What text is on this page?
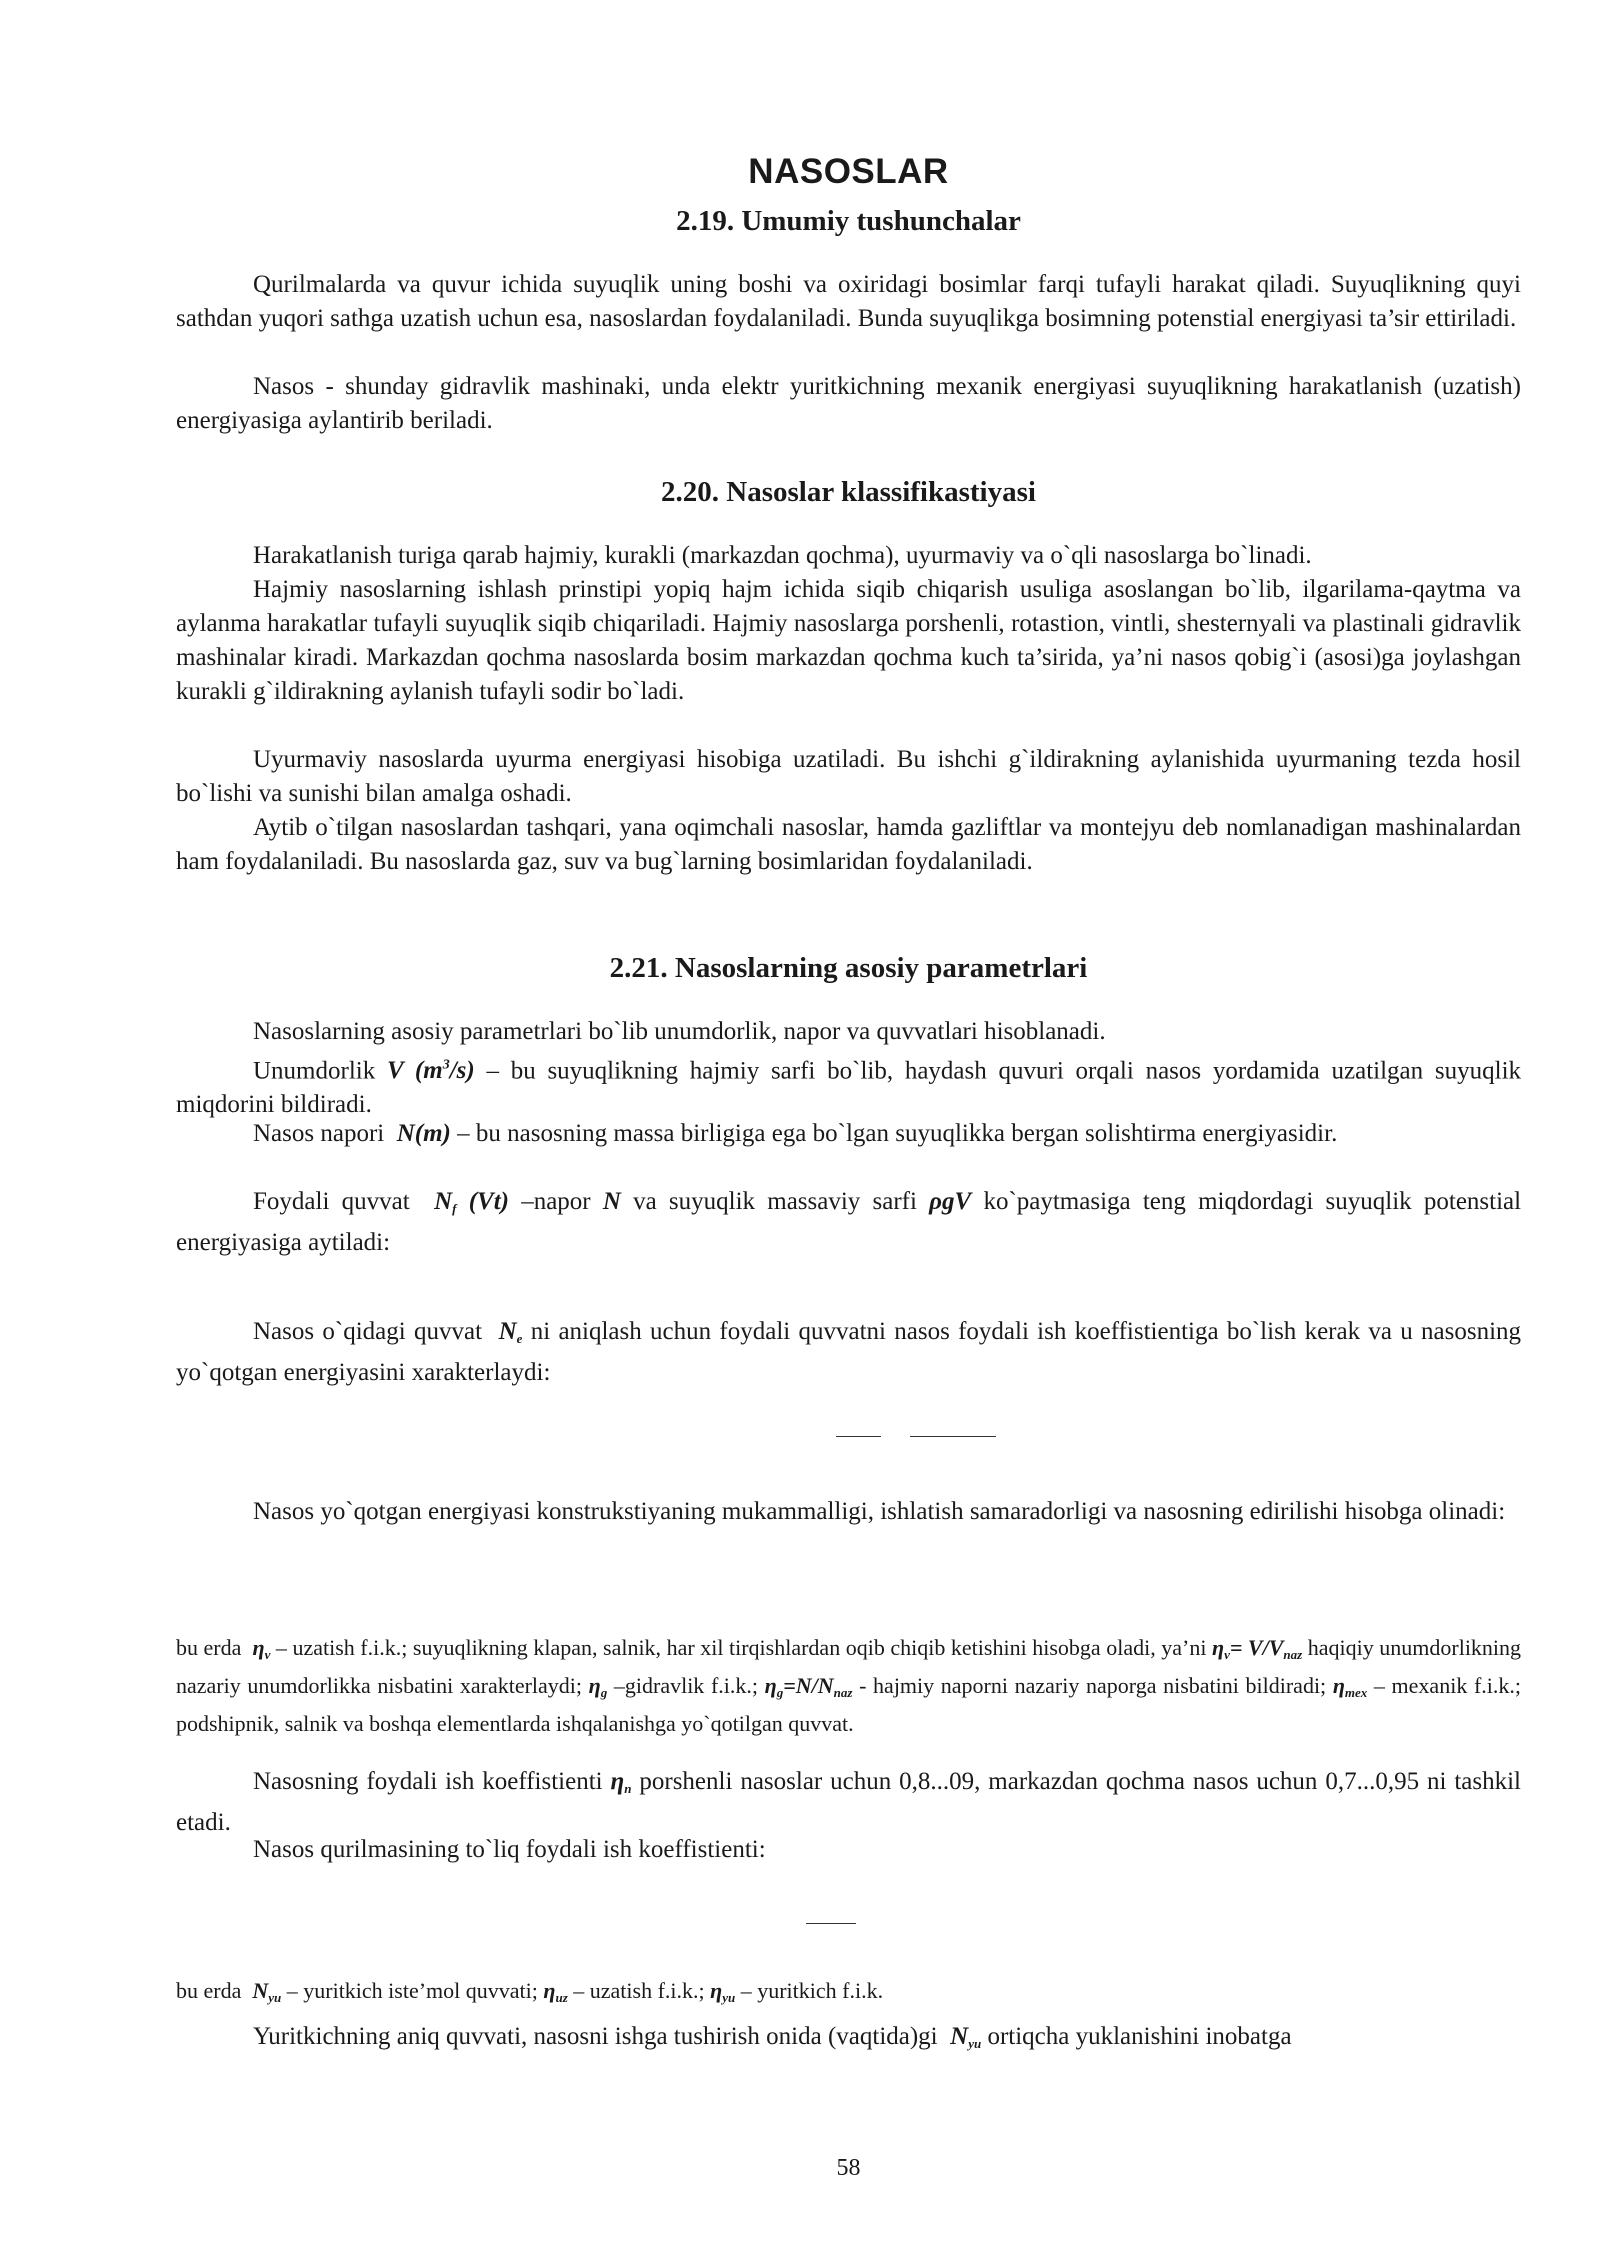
NASOSLAR
2.19. Umumiy tushunchalar
Qurilmalarda va quvur ichida suyuqlik uning boshi va oxiridagi bosimlar farqi tufayli harakat qiladi. Suyuqlikning quyi sathdan yuqori sathga uzatish uchun esa, nasoslardan foydalaniladi. Bunda suyuqlikga bosimning potenstial energiyasi ta’sir ettiriladi.
Nasos - shunday gidravlik mashinaki, unda elektr yuritkichning mexanik energiyasi suyuqlikning harakatlanish (uzatish) energiyasiga aylantirib beriladi.
2.20. Nasoslar klassifikastiyasi
Harakatlanish turiga qarab hajmiy, kurakli (markazdan qochma), uyurmaviy va o`qli nasoslarga bo`linadi.
Hajmiy nasoslarning ishlash prinstipi yopiq hajm ichida siqib chiqarish usuliga asoslangan bo`lib, ilgarilama-qaytma va aylanma harakatlar tufayli suyuqlik siqib chiqariladi. Hajmiy nasoslarga porshenli, rotastion, vintli, shesternyali va plastinali gidravlik mashinalar kiradi. Markazdan qochma nasoslarda bosim markazdan qochma kuch ta’sirida, ya’ni nasos qobig`i (asosi)ga joylashgan kurakli g`ildirakning aylanish tufayli sodir bo`ladi.
Uyurmaviy nasoslarda uyurma energiyasi hisobiga uzatiladi. Bu ishchi g`ildirakning aylanishida uyurmaning tezda hosil bo`lishi va sunishi bilan amalga oshadi.
Aytib o`tilgan nasoslardan tashqari, yana oqimchali nasoslar, hamda gazliftlar va montejyu deb nomlanadigan mashinalardan ham foydalaniladi. Bu nasoslarda gaz, suv va bug`larning bosimlaridan foydalaniladi.
2.21. Nasoslarning asosiy parametrlari
Nasoslarning asosiy parametrlari bo`lib unumdorlik, napor va quvvatlari hisoblanadi.
Unumdorlik V $(m^3/s)$ – bu suyuqlikning hajmiy sarfi bo`lib, haydash quvuri orqali nasos yordamida uzatilgan suyuqlik miqdorini bildiradi.
Nasos napori N(m) – bu nasosning massa birligiga ega bo`lgan suyuqlikka bergan solishtirma energiyasidir.
Foydali quvvat $N_f$ (Vt) –napor N va suyuqlik massaviy sarfi ρgV ko`paytmasiga teng miqdordagi suyuqlik potenstial energiyasiga aytiladi:
Nasos o`qidagi quvvat $N_e$ ni aniqlash uchun foydali quvvatni nasos foydali ish koeffistientiga bo`lish kerak va u nasosning yo`qotgan energiyasini xarakterlaydi:
Nasos yo`qotgan energiyasi konstrukstiyaning mukammalligi, ishlatish samaradorligi va nasosning edirilishi hisobga olinadi:
bu erda $\eta_v$ – uzatish f.i.k.; suyuqlikning klapan, salnik, har xil tirqishlardan oqib chiqib ketishini hisobga oladi, ya’ni $\eta_v= V/V_{naz}$ haqiqiy unumdorlikning nazariy unumdorlikka nisbatini xarakterlaydi; $\eta_g$ –gidravlik f.i.k.; $\eta_g=N/N_{naz}$ - hajmiy naporni nazariy naporga nisbatini bildiradi; $\eta_{mex}$ – mexanik f.i.k.; podshipnik, salnik va boshqa elementlarda ishqalanishga yo`qotilgan quvvat.
Nasosning foydali ish koeffistienti $\eta_n$ porshenli nasoslar uchun 0,8...09, markazdan qochma nasos uchun 0,7...0,95 ni tashkil etadi.
Nasos qurilmasining to`liq foydali ish koeffistienti:
bu erda $N_{yu}$ – yuritkich iste’mol quvvati; $\eta_{uz}$ – uzatish f.i.k.; $\eta_{yu}$ – yuritkich f.i.k.
Yuritkichning aniq quvvati, nasosni ishga tushirish onida (vaqtida)gi $N_{yu}$ ortiqcha yuklanishini inobatga
58
